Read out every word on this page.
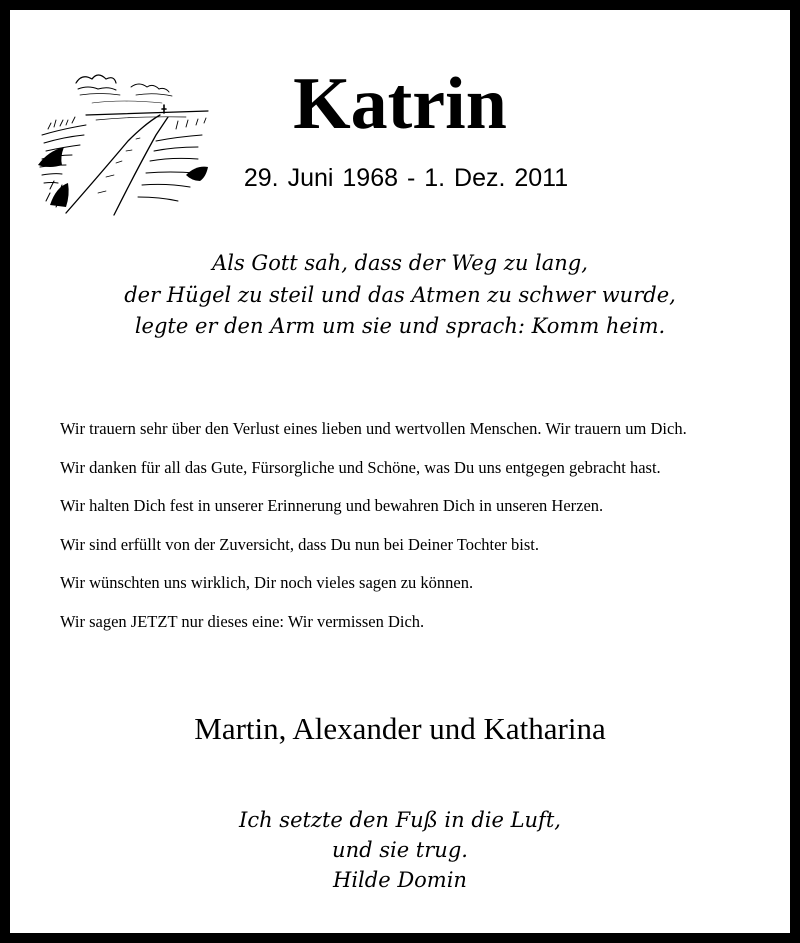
Katrin
29. Juni 1968 - 1. Dez. 2011
Als Gott sah, dass der Weg zu lang,
der Hügel zu steil und das Atmen zu schwer wurde,
legte er den Arm um sie und sprach: Komm heim.
Wir trauern sehr über den Verlust eines lieben und wertvollen Menschen. Wir trauern um Dich.
Wir danken für all das Gute, Fürsorgliche und Schöne, was Du uns entgegen gebracht hast.
Wir halten Dich fest in unserer Erinnerung und bewahren Dich in unseren Herzen.
Wir sind erfüllt von der Zuversicht, dass Du nun bei Deiner Tochter bist.
Wir wünschten uns wirklich, Dir noch vieles sagen zu können.
Wir sagen JETZT nur dieses eine: Wir vermissen Dich.
Martin, Alexander und Katharina
Ich setzte den Fuß in die Luft,
und sie trug.
Hilde Domin
